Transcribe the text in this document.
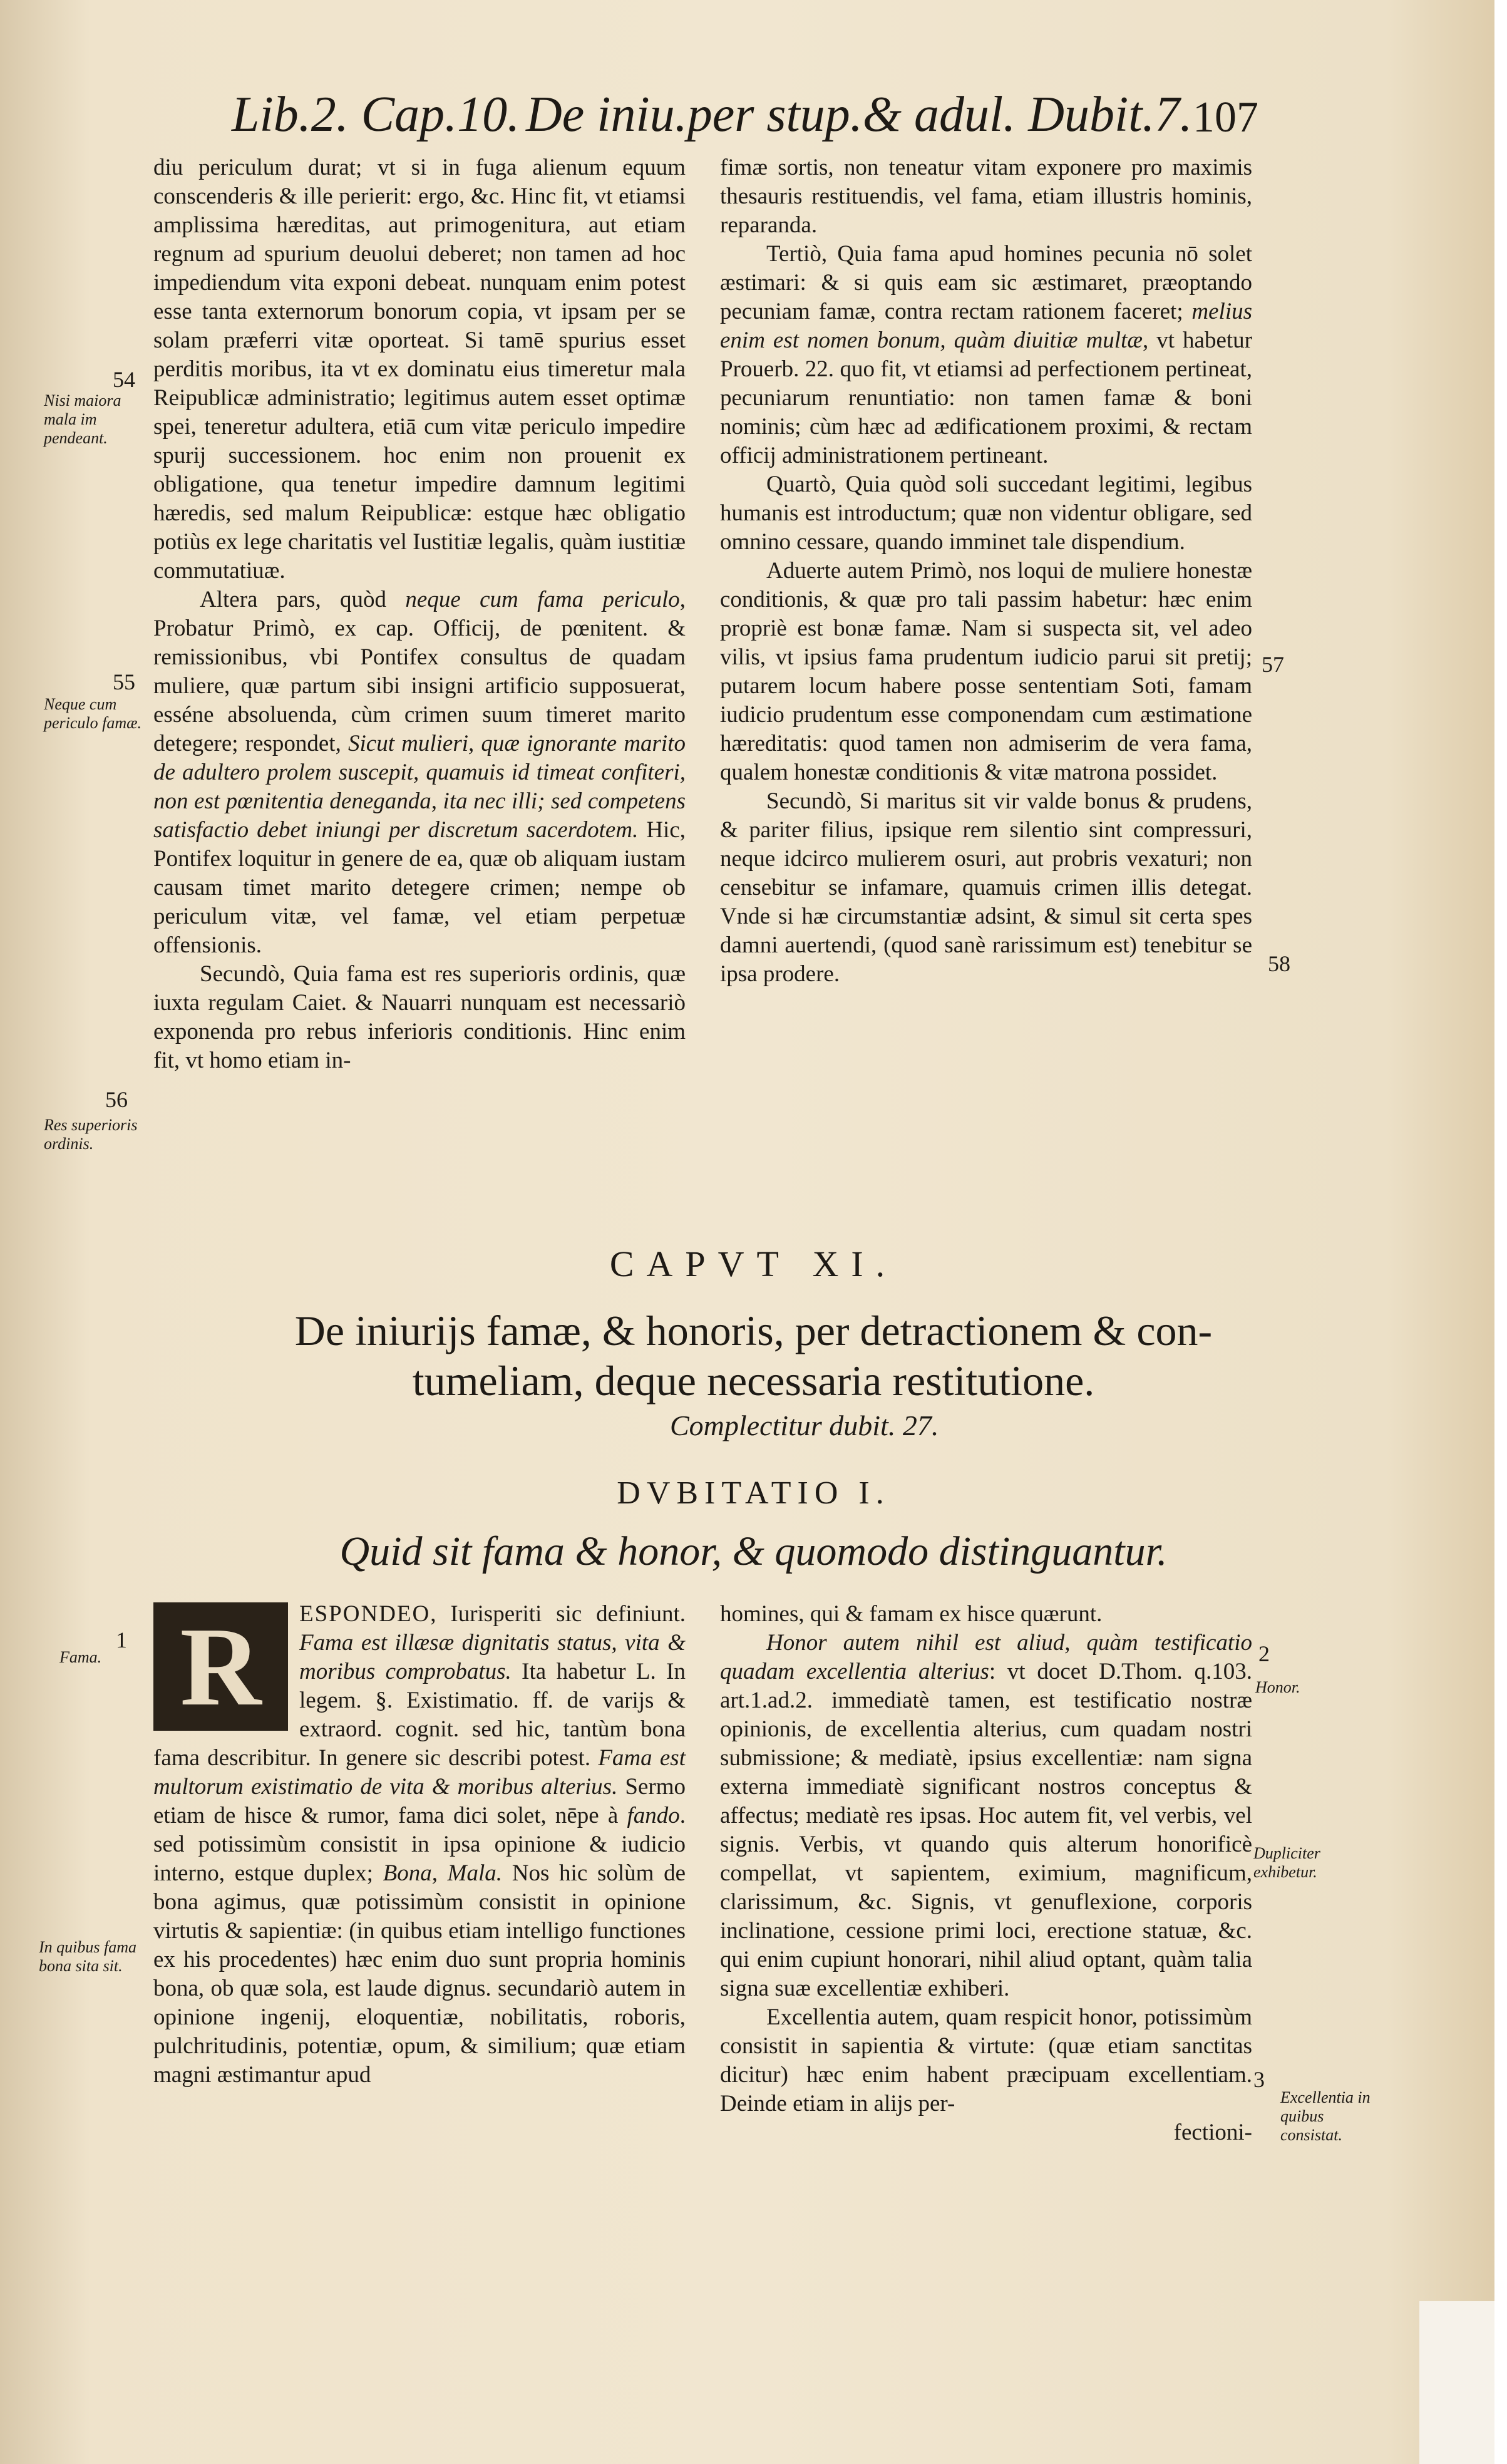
Lib.2. Cap.10. De iniu.per stup.& adul. Dubit.7. 107

diu periculum durat; vt si in fuga alienum equum conscenderis & ille perierit: ergo, &c. Hinc fit, vt etiamsi amplissima hæreditas, aut primogenitura, aut etiam regnum ad spurium deuolui deberet; non tamen ad hoc impediendum vita exponi debeat. nunquam enim potest esse tanta externorum bonorum copia, vt ipsam per se solam præferri vitæ oporteat. Si tamē spurius esset perditis moribus, ita vt ex dominatu eius timeretur mala Reipublicæ administratio; legitimus autem esset optimæ spei, teneretur adultera, etiā cum vitæ periculo impedire spurij successionem. hoc enim non prouenit ex obligatione, qua tenetur impedire damnum legitimi hæredis, sed malum Reipublicæ: estque hæc obligatio potiùs ex lege charitatis vel Iustitiæ legalis, quàm iustitiæ commutatiuæ.

Altera pars, quòd neque cum fama periculo, Probatur Primò, ex cap. Officij, de pœnitent. & remissionibus, vbi Pontifex consultus de quadam muliere, quæ partum sibi insigni artificio supposuerat, esséne absoluenda, cùm crimen suum timeret marito detegere; respondet, Sicut mulieri, quæ ignorante marito de adultero prolem suscepit, quamuis id timeat confiteri, non est pœnitentia deneganda, ita nec illi; sed competens satisfactio debet iniungi per discretum sacerdotem. Hic, Pontifex loquitur in genere de ea, quæ ob aliquam iustam causam timet marito detegere crimen; nempe ob periculum vitæ, vel famæ, vel etiam perpetuæ offensionis.

Secundò, Quia fama est res superioris ordinis, quæ iuxta regulam Caiet. & Nauarri nunquam est necessariò exponenda pro rebus inferioris conditionis. Hinc enim fit, vt homo etiam in-

fimæ sortis, non teneatur vitam exponere pro maximis thesauris restituendis, vel fama, etiam illustris hominis, reparanda.

Tertiò, Quia fama apud homines pecunia nō solet æstimari: & si quis eam sic æstimaret, præoptando pecuniam famæ, contra rectam rationem faceret; melius enim est nomen bonum, quàm diuitiæ multæ, vt habetur Prouerb. 22. quo fit, vt etiamsi ad perfectionem pertineat, pecuniarum renuntiatio: non tamen famæ & boni nominis; cùm hæc ad ædificationem proximi, & rectam officij administrationem pertineant.

Quartò, Quia quòd soli succedant legitimi, legibus humanis est introductum; quæ non videntur obligare, sed omnino cessare, quando imminet tale dispendium.

Aduerte autem Primò, nos loqui de muliere honestæ conditionis, & quæ pro tali passim habetur: hæc enim propriè est bonæ famæ. Nam si suspecta sit, vel adeo vilis, vt ipsius fama prudentum iudicio parui sit pretij; putarem locum habere posse sententiam Soti, famam iudicio prudentum esse componendam cum æstimatione hæreditatis: quod tamen non admiserim de vera fama, qualem honestæ conditionis & vitæ matrona possidet.

Secundò, Si maritus sit vir valde bonus & prudens, & pariter filius, ipsique rem silentio sint compressuri, neque idcirco mulierem osuri, aut probris vexaturi; non censebitur se infamare, quamuis crimen illis detegat. Vnde si hæ circumstantiæ adsint, & simul sit certa spes damni auertendi, (quod sanè rarissimum est) tenebitur se ipsa prodere.

54
Nisi maiora mala im pendeant.
55
Neque cum periculo famæ.
56
Res superioris ordinis.
57
58
CAPVT XI.
De iniurijs famæ, & honoris, per detractionem & con-
tumeliam, deque necessaria restitutione.
Complectitur dubit. 27.
DVBITATIO I.
Quid sit fama & honor, & quomodo distinguantur.
1
Fama.
In quibus fama bona sita sit.
2
Honor.
Dupliciter exhibetur.
3
Excellentia in quibus consistat.

R	ESPONDEO, Iurisperiti sic definiunt. Fama est illæsæ dignitatis status, vita & moribus comprobatus. Ita habetur L. In legem. §. Existimatio. ff. de varijs & extraord. cognit. sed hic, tantùm bona fama describitur. In genere sic describi potest. Fama est multorum existimatio de vita & moribus alterius. Sermo etiam de hisce & rumor, fama dici solet, nēpe à fando. sed potissimùm consistit in ipsa opinione & iudicio interno, estque duplex; Bona, Mala. Nos hic solùm de bona agimus, quæ potissimùm consistit in opinione virtutis & sapientiæ: (in quibus etiam intelligo functiones ex his procedentes) hæc enim duo sunt propria hominis bona, ob quæ sola, est laude dignus. secundariò autem in opinione ingenij, eloquentiæ, nobilitatis, roboris, pulchritudinis, potentiæ, opum, & similium; quæ etiam magni æstimantur apud

homines, qui & famam ex hisce quærunt.

Honor autem nihil est aliud, quàm testificatio quadam excellentia alterius: vt docet D.Thom. q.103. art.1.ad.2. immediatè tamen, est testificatio nostræ opinionis, de excellentia alterius, cum quadam nostri submissione; & mediatè, ipsius excellentiæ: nam signa externa immediatè significant nostros conceptus & affectus; mediatè res ipsas. Hoc autem fit, vel verbis, vel signis. Verbis, vt quando quis alterum honorificè compellat, vt sapientem, eximium, magnificum, clarissimum, &c. Signis, vt genuflexione, corporis inclinatione, cessione primi loci, erectione statuæ, &c. qui enim cupiunt honorari, nihil aliud optant, quàm talia signa suæ excellentiæ exhiberi.

Excellentia autem, quam respicit honor, potissimùm consistit in sapientia & virtute: (quæ etiam sanctitas dicitur) hæc enim habent præcipuam excellentiam. Deinde etiam in alijs per-

fectioni-
